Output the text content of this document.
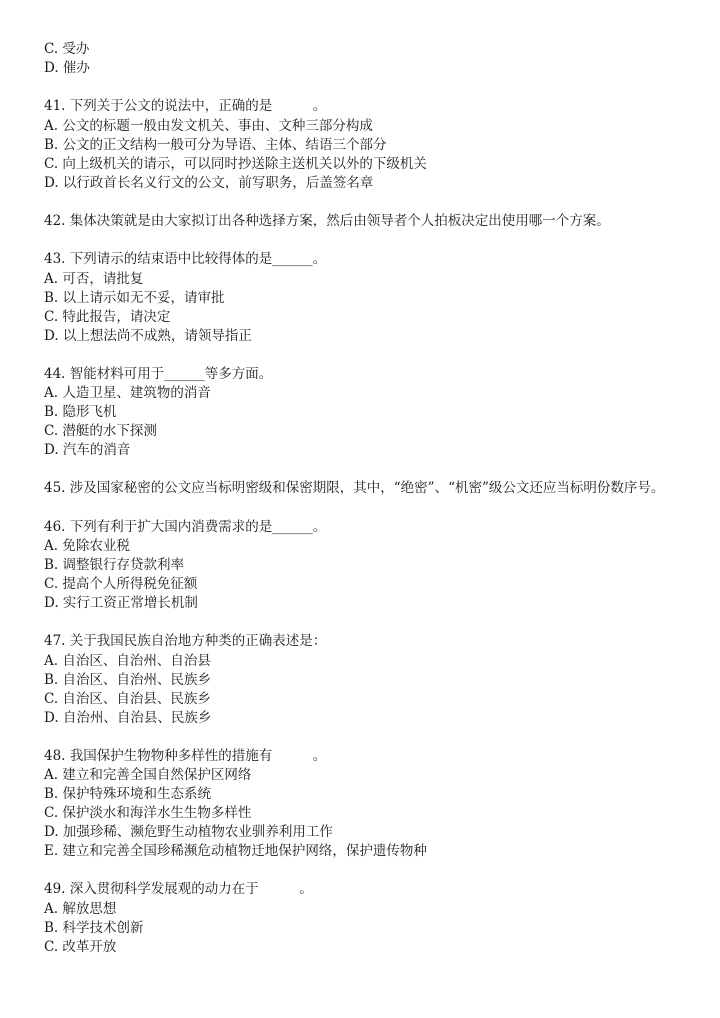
C. 受办
D. 催办
41. 下列关于公文的说法中，正确的是　　　。
A. 公文的标题一般由发文机关、事由、文种三部分构成
B. 公文的正文结构一般可分为导语、主体、结语三个部分
C. 向上级机关的请示，可以同时抄送除主送机关以外的下级机关
D. 以行政首长名义行文的公文，前写职务，后盖签名章
42. 集体决策就是由大家拟订出各种选择方案，然后由领导者个人拍板决定出使用哪一个方案。
43. 下列请示的结束语中比较得体的是______。
A. 可否，请批复
B. 以上请示如无不妥，请审批
C. 特此报告，请决定
D. 以上想法尚不成熟，请领导指正
44. 智能材料可用于______等多方面。
A. 人造卫星、建筑物的消音
B. 隐形飞机
C. 潜艇的水下探测
D. 汽车的消音
45. 涉及国家秘密的公文应当标明密级和保密期限，其中，“绝密”、“机密”级公文还应当标明份数序号。
46. 下列有利于扩大国内消费需求的是______。
A. 免除农业税
B. 调整银行存贷款利率
C. 提高个人所得税免征额
D. 实行工资正常增长机制
47. 关于我国民族自治地方种类的正确表述是：
A. 自治区、自治州、自治县
B. 自治区、自治州、民族乡
C. 自治区、自治县、民族乡
D. 自治州、自治县、民族乡
48. 我国保护生物物种多样性的措施有　　　。
A. 建立和完善全国自然保护区网络
B. 保护特殊环境和生态系统
C. 保护淡水和海洋水生生物多样性
D. 加强珍稀、濒危野生动植物农业驯养利用工作
E. 建立和完善全国珍稀濒危动植物迁地保护网络，保护遗传物种
49. 深入贯彻科学发展观的动力在于　　　。
A. 解放思想
B. 科学技术创新
C. 改革开放
